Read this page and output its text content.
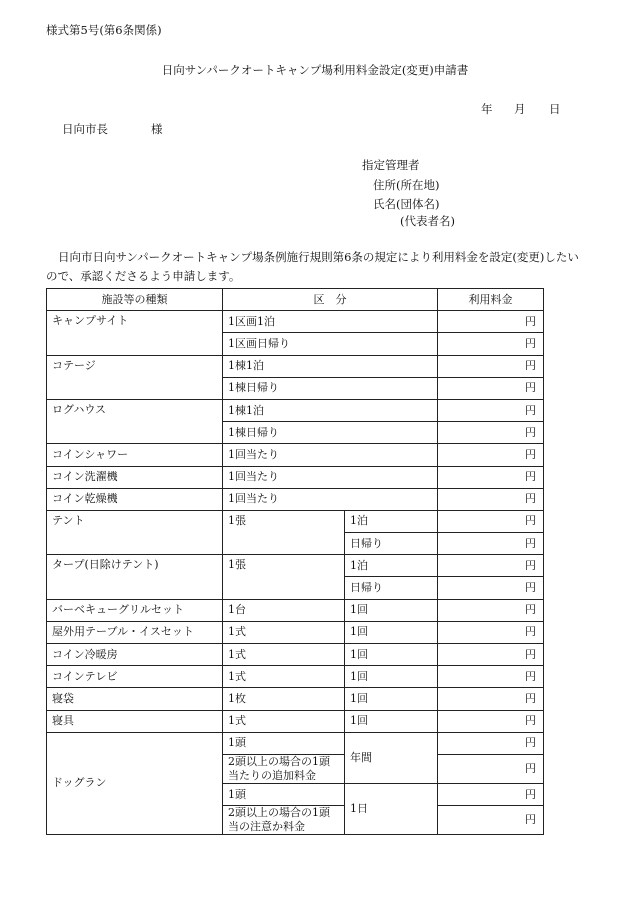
様式第5号(第6条関係)
日向サンパークオートキャンプ場利用料金設定(変更)申請書
年 月 日
日向市長	様
指定管理者
住所(所在地)
氏名(団体名)
(代表者名)
日向市日向サンパークオートキャンプ場条例施行規則第6条の規定により利用料金を設定(変更)したいので、承認くださるよう申請します。
施設等の種類	区　分		利用料金
キャンプサイト	1区画1泊		円
	1区画日帰り		円
コテージ	1棟1泊		円
	1棟日帰り		円
ログハウス	1棟1泊		円
	1棟日帰り		円
コインシャワー	1回当たり		円
コイン洗濯機	1回当たり		円
コイン乾燥機	1回当たり		円
テント	1張	1泊	円
		日帰り	円
タープ(日除けテント)	1張	1泊	円
		日帰り	円
バーベキューグリルセット	1台	1回	円
屋外用テーブル・イスセット	1式	1回	円
コイン冷暖房	1式	1回	円
コインテレビ	1式	1回	円
寝袋	1枚	1回	円
寝具	1式	1回	円
ドッグラン	1頭	年間	円
	2頭以上の場合の1頭当たりの追加料金		円
	1頭	1日	円
	2頭以上の場合の1頭当の注意か料金		円
